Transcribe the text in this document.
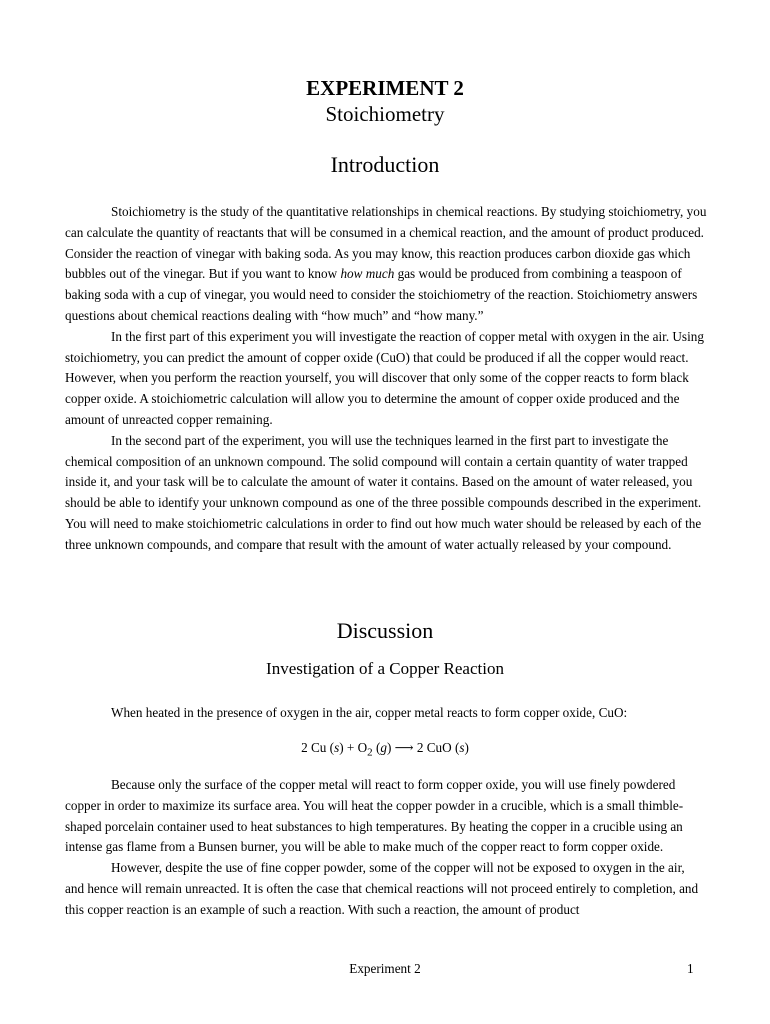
EXPERIMENT 2
Stoichiometry
Introduction

Stoichiometry is the study of the quantitative relationships in chemical reactions. By studying stoichiometry, you can calculate the quantity of reactants that will be consumed in a chemical reaction, and the amount of product produced. Consider the reaction of vinegar with baking soda. As you may know, this reaction produces carbon dioxide gas which bubbles out of the vinegar. But if you want to know how much gas would be produced from combining a teaspoon of baking soda with a cup of vinegar, you would need to consider the stoichiometry of the reaction. Stoichiometry answers questions about chemical reactions dealing with “how much” and “how many.”

In the first part of this experiment you will investigate the reaction of copper metal with oxygen in the air. Using stoichiometry, you can predict the amount of copper oxide (CuO) that could be produced if all the copper would react. However, when you perform the reaction yourself, you will discover that only some of the copper reacts to form black copper oxide. A stoichiometric calculation will allow you to determine the amount of copper oxide produced and the amount of unreacted copper remaining.

In the second part of the experiment, you will use the techniques learned in the first part to investigate the chemical composition of an unknown compound. The solid compound will contain a certain quantity of water trapped inside it, and your task will be to calculate the amount of water it contains. Based on the amount of water released, you should be able to identify your unknown compound as one of the three possible compounds described in the experiment. You will need to make stoichiometric calculations in order to find out how much water should be released by each of the three unknown compounds, and compare that result with the amount of water actually released by your compound.

Discussion
Investigation of a Copper Reaction

When heated in the presence of oxygen in the air, copper metal reacts to form copper oxide, CuO:

2 Cu $(s) + O_2$ (g) ⟶ 2 CuO (s)

Because only the surface of the copper metal will react to form copper oxide, you will use finely powdered copper in order to maximize its surface area. You will heat the copper powder in a crucible, which is a small thimble-shaped porcelain container used to heat substances to high temperatures. By heating the copper in a crucible using an intense gas flame from a Bunsen burner, you will be able to make much of the copper react to form copper oxide.

However, despite the use of fine copper powder, some of the copper will not be exposed to oxygen in the air, and hence will remain unreacted. It is often the case that chemical reactions will not proceed entirely to completion, and this copper reaction is an example of such a reaction. With such a reaction, the amount of product

Experiment 2	1
